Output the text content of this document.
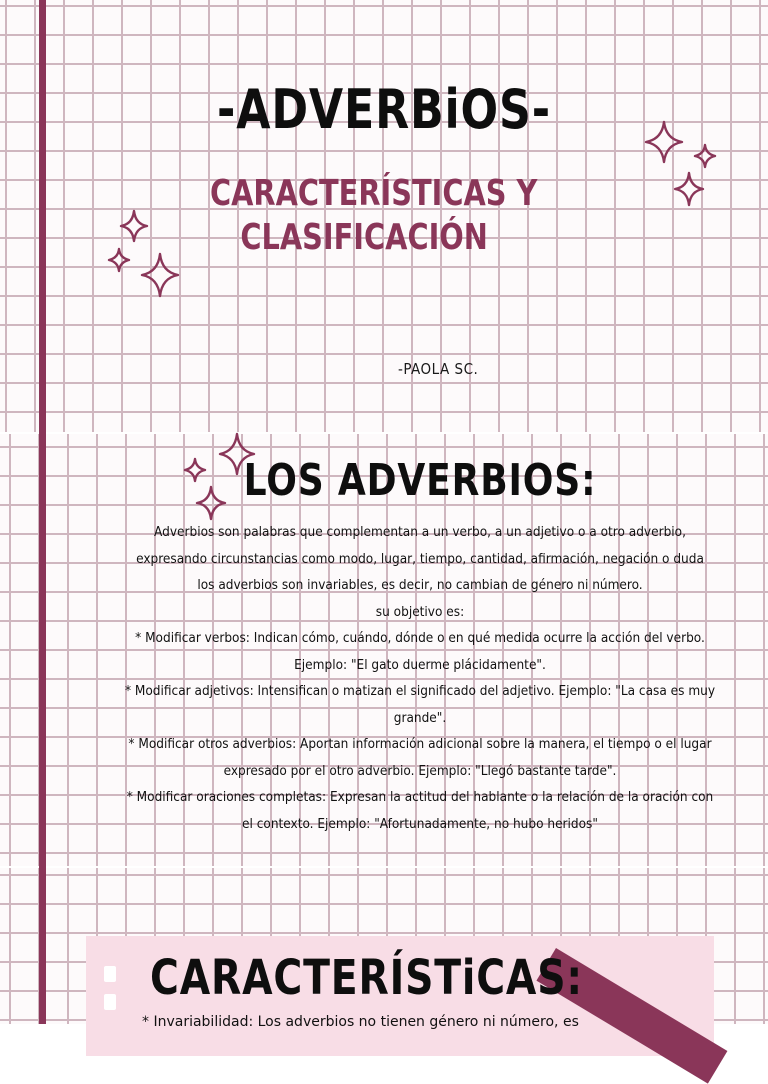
-ADVERBiOS-
CARACTERÍSTICAS Y
CLASIFICACIÓN

-PAOLA SC.

LOS ADVERBIOS:

Adverbios son palabras que complementan a un verbo, a un adjetivo o a otro adverbio,
expresando circunstancias como modo, lugar, tiempo, cantidad, afirmación, negación o duda
los adverbios son invariables, es decir, no cambian de género ni número.
su objetivo es:
* Modificar verbos: Indican cómo, cuándo, dónde o en qué medida ocurre la acción del verbo.
Ejemplo: "El gato duerme plácidamente".
* Modificar adjetivos: Intensifican o matizan el significado del adjetivo. Ejemplo: "La casa es muy
grande".
* Modificar otros adverbios: Aportan información adicional sobre la manera, el tiempo o el lugar
expresado por el otro adverbio. Ejemplo: "Llegó bastante tarde".
* Modificar oraciones completas: Expresan la actitud del hablante o la relación de la oración con
el contexto. Ejemplo: "Afortunadamente, no hubo heridos"

CARACTERÍSTiCAS:

* Invariabilidad: Los adverbios no tienen género ni número, es
